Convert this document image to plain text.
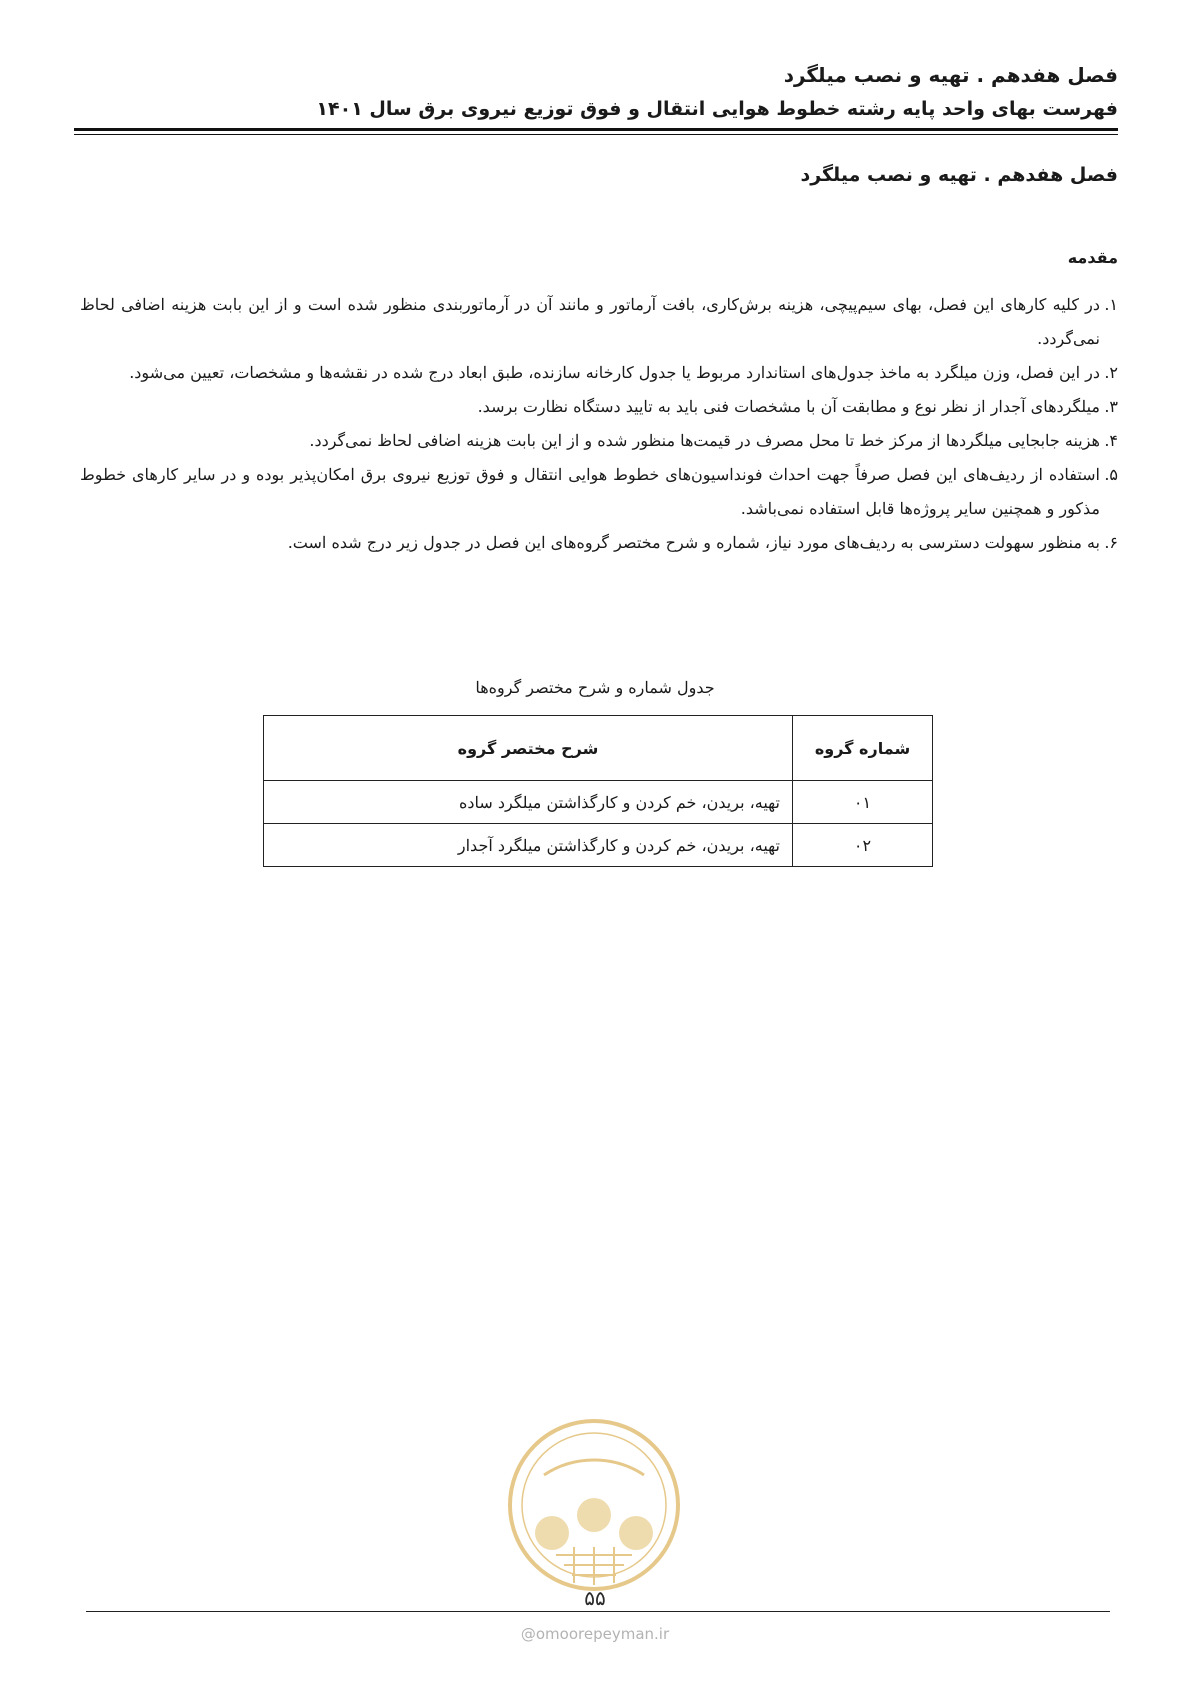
فصل هفدهم . تهیه و نصب میلگرد
فهرست بهای واحد پایه رشته خطوط هوایی انتقال و فوق توزیع نیروی برق سال ۱۴۰۱
فصل هفدهم . تهیه و نصب میلگرد
مقدمه
۱.
در کلیه کارهای این فصل، بهای سیم‌پیچی، هزینه برش‌کاری، بافت آرماتور و مانند آن در آرماتوربندی منظور شده است و از این بابت هزینه اضافی لحاظ نمی‌گردد.
۲.
در این فصل، وزن میلگرد به ماخذ جدول‌های استاندارد مربوط یا جدول کارخانه سازنده، طبق ابعاد درج شده در نقشه‌ها و مشخصات، تعیین می‌شود.
۳.
میلگردهای آجدار از نظر نوع و مطابقت آن با مشخصات فنی باید به تایید دستگاه نظارت برسد.
۴.
هزینه جابجایی میلگردها از مرکز خط تا محل مصرف در قیمت‌ها منظور شده و از این بابت هزینه اضافی لحاظ نمی‌گردد.
۵.
استفاده از ردیف‌های این فصل صرفاً جهت احداث فونداسیون‌های خطوط هوایی انتقال و فوق توزیع نیروی برق امکان‌پذیر بوده و در سایر کارهای خطوط مذکور و همچنین سایر پروژه‌ها قابل استفاده نمی‌باشد.
۶.
به منظور سهولت دسترسی به ردیف‌های مورد نیاز، شماره و شرح مختصر گروه‌های این فصل در جدول زیر درج شده است.
جدول شماره و شرح مختصر گروه‌ها
شماره گروه	شرح مختصر گروه
۰۱	تهیه، بریدن، خم کردن و کارگذاشتن میلگرد ساده
۰۲	تهیه، بریدن، خم کردن و کارگذاشتن میلگرد آجدار
۵۵
@omoorepeyman.ir
